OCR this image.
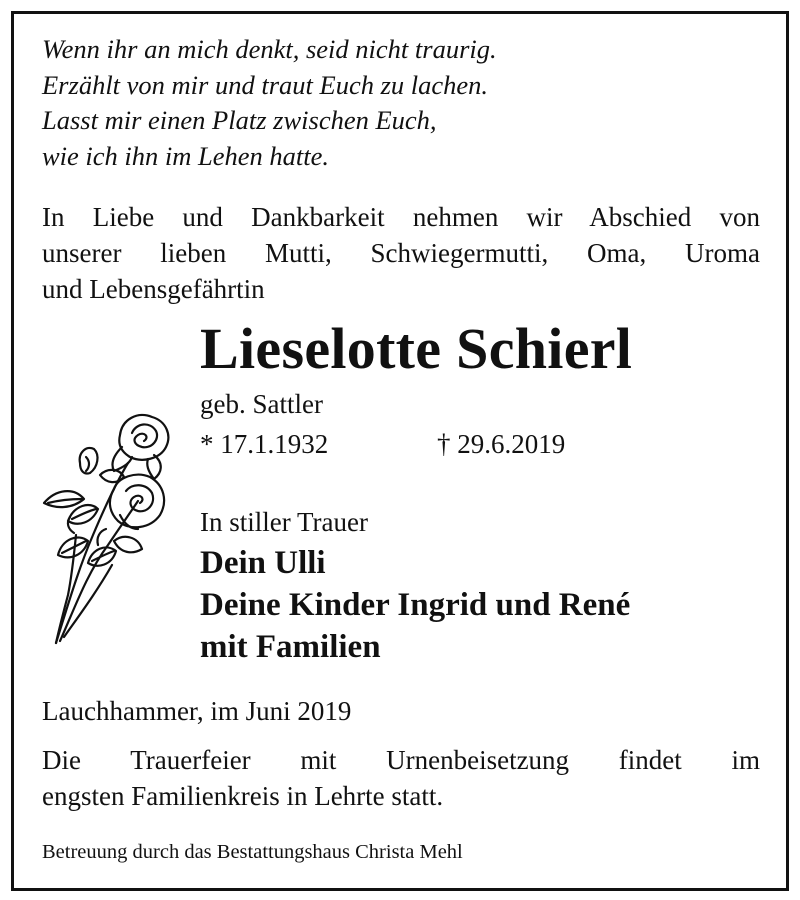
Wenn ihr an mich denkt, seid nicht traurig.
Erzählt von mir und traut Euch zu lachen.
Lasst mir einen Platz zwischen Euch,
wie ich ihn im Lehen hatte.
In Liebe und Dankbarkeit nehmen wir Abschied von
unserer lieben Mutti, Schwiegermutti, Oma, Uroma
und Lebensgefährtin
Lieselotte Schierl
geb. Sattler
* 17.1.1932	† 29.6.2019
In stiller Trauer
Dein Ulli
Deine Kinder Ingrid und René
mit Familien
Lauchhammer, im Juni 2019
Die Trauerfeier mit Urnenbeisetzung findet im
engsten Familienkreis in Lehrte statt.
Betreuung durch das Bestattungshaus Christa Mehl
